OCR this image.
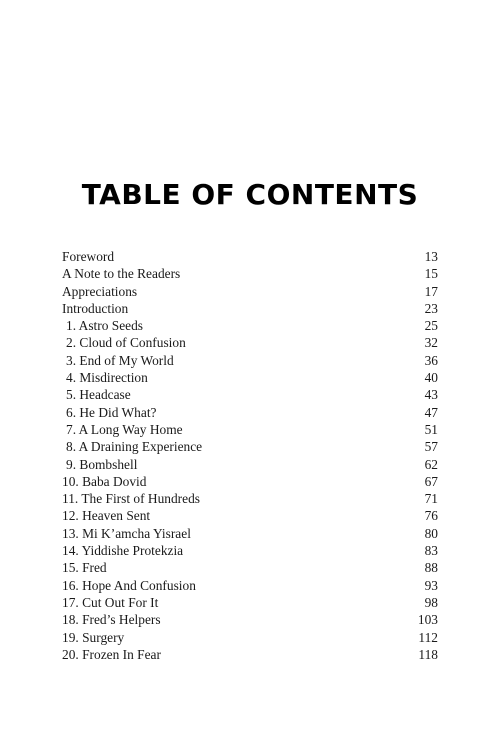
TABLE OF CONTENTS
Foreword	13
A Note to the Readers	15
Appreciations	17
Introduction	23
1. Astro Seeds	25
2. Cloud of Confusion	32
3. End of My World	36
4. Misdirection	40
5. Headcase	43
6. He Did What?	47
7. A Long Way Home	51
8. A Draining Experience	57
9. Bombshell	62
10. Baba Dovid	67
11. The First of Hundreds	71
12. Heaven Sent	76
13. Mi K’amcha Yisrael	80
14. Yiddishe Protekzia	83
15. Fred	88
16. Hope And Confusion	93
17. Cut Out For It	98
18. Fred’s Helpers	103
19. Surgery	112
20. Frozen In Fear	118
